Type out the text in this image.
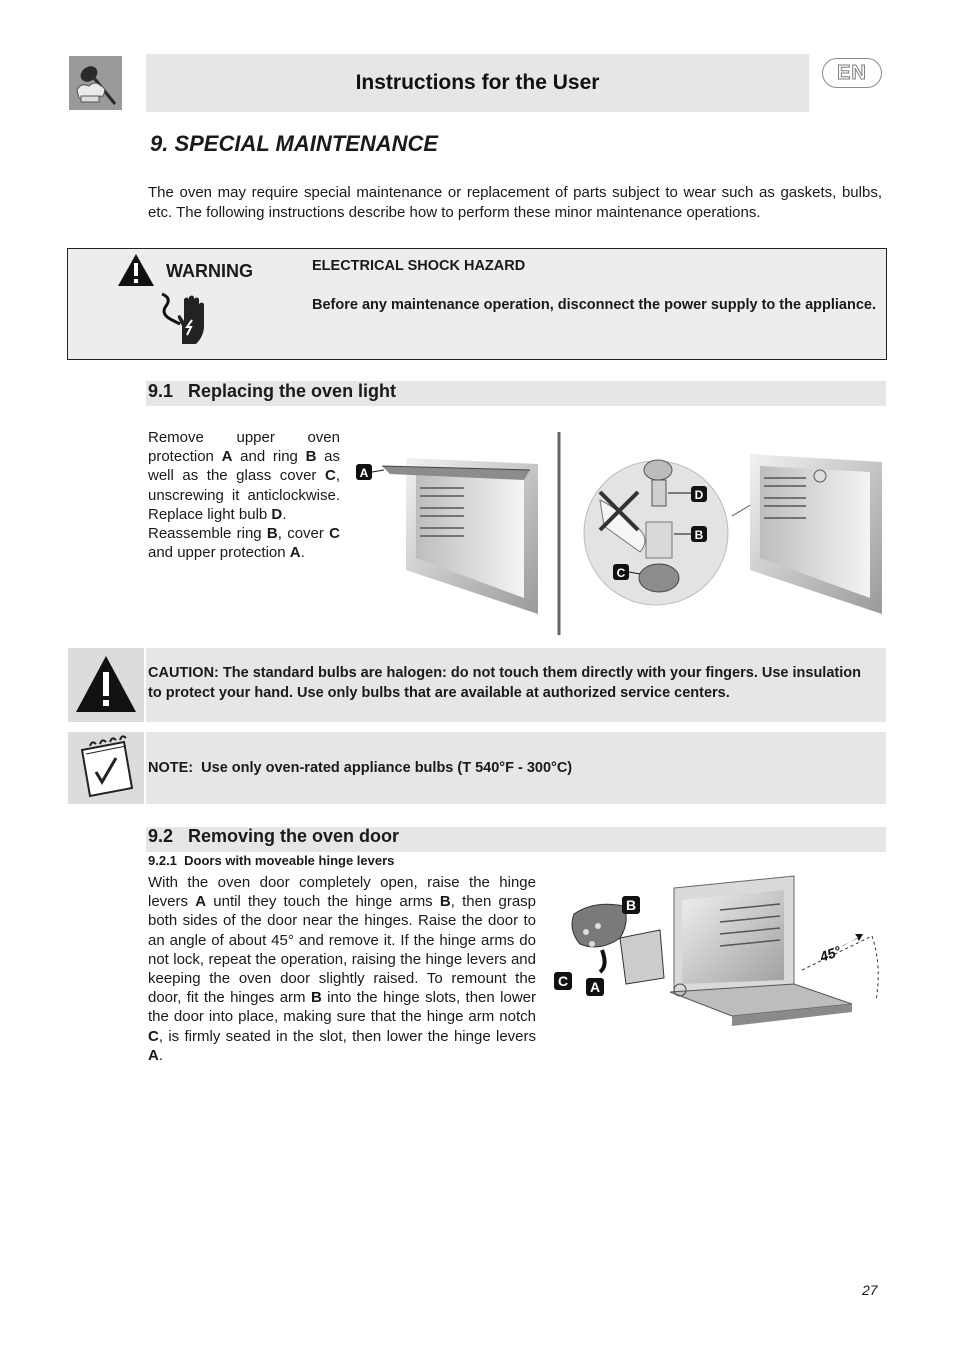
Instructions for the User	EN
9. SPECIAL MAINTENANCE
The oven may require special maintenance or replacement of parts subject to wear such as gaskets, bulbs, etc. The following instructions describe how to perform these minor maintenance operations.
WARNING	ELECTRICAL SHOCK HAZARD
Before any maintenance operation, disconnect the power supply to the appliance.
9.1   Replacing the oven light
Remove upper oven protection A and ring B as well as the glass cover C, unscrewing it anticlockwise. Replace light bulb D.
Reassemble ring B, cover C and upper protection A.
A
D
B
C
CAUTION: The standard bulbs are halogen: do not touch them directly with your fingers. Use insulation to protect your hand. Use only bulbs that are available at authorized service centers.
NOTE:  Use only oven-rated appliance bulbs (T 540°F - 300°C)
9.2   Removing the oven door
9.2.1 Doors with moveable hinge levers
With the oven door completely open, raise the hinge levers A until they touch the hinge arms B, then grasp both sides of the door near the hinges. Raise the door to an angle of about 45° and remove it. If the hinge arms do not lock, repeat the operation, raising the hinge levers and keeping the oven door slightly raised. To remount the door, fit the hinges arm B into the hinge slots, then lower the door into place, making sure that the hinge arm notch C, is firmly seated in the slot, then lower the hinge levers A.
45°
B
C A
27
